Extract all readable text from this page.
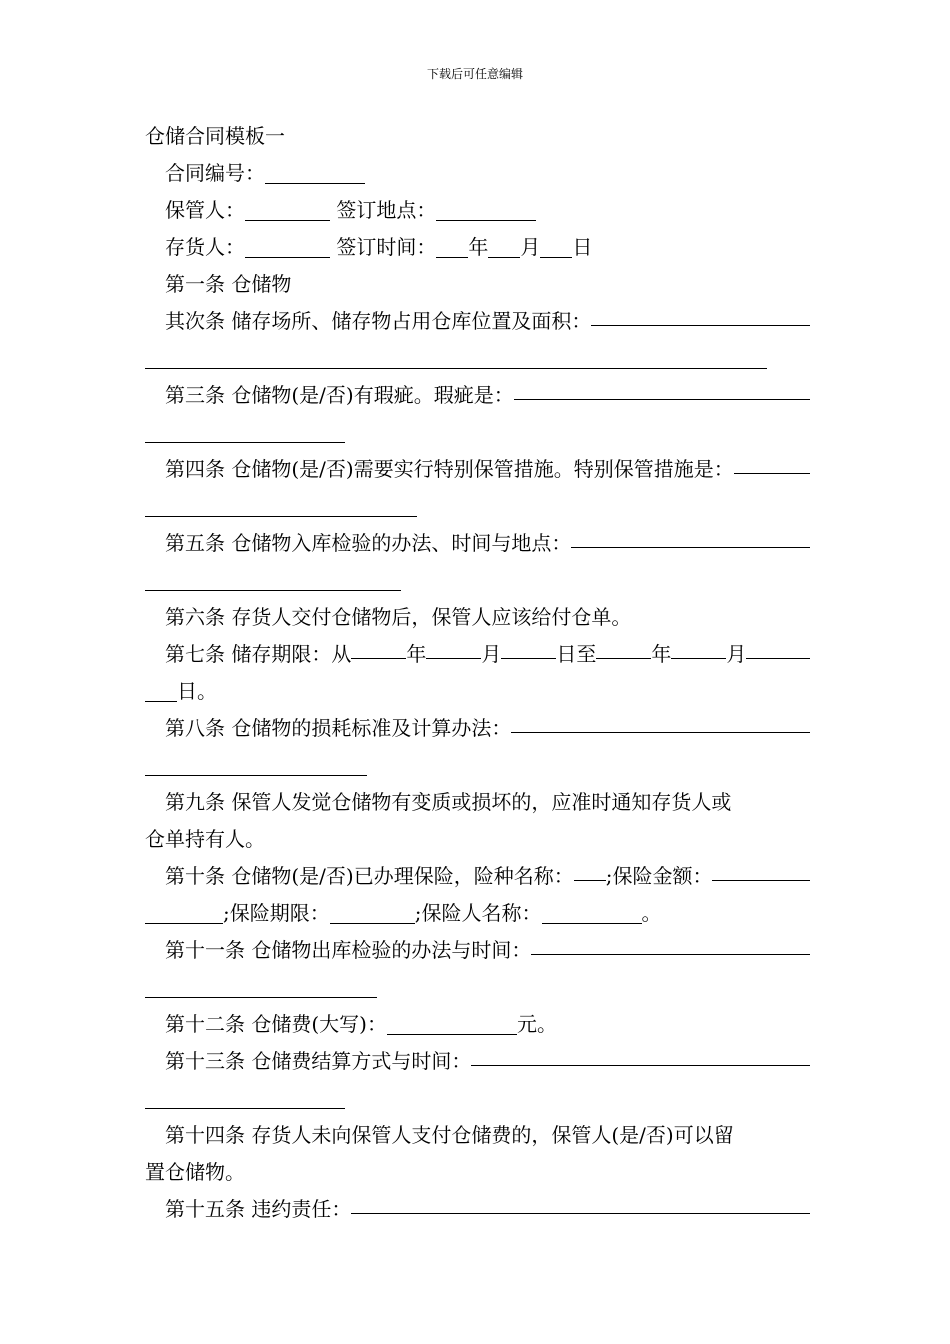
下载后可任意编辑
仓储合同模板一
合同编号：
保管人：	签订地点：
存货人：	签订时间： 年 月 日
第一条 仓储物
其次条 储存场所、储存物占用仓库位置及面积：
第三条 仓储物(是/否)有瑕疵。瑕疵是：
第四条 仓储物(是/否)需要实行特别保管措施。特别保管措施是：
第五条 仓储物入库检验的办法、时间与地点：
第六条 存货人交付仓储物后，保管人应该给付仓单。
第七条 储存期限：从	年	月	日至	年	月
日。
第八条 仓储物的损耗标准及计算办法：
第九条 保管人发觉仓储物有变质或损坏的，应准时通知存货人或
仓单持有人。
第十条 仓储物(是/否)已办理保险，险种名称： ;保险金额：
;保险期限：	;保险人名称：	。
第十一条 仓储物出库检验的办法与时间：
第十二条 仓储费(大写)：	元。
第十三条 仓储费结算方式与时间：
第十四条 存货人未向保管人支付仓储费的，保管人(是/否)可以留
置仓储物。
第十五条 违约责任：
